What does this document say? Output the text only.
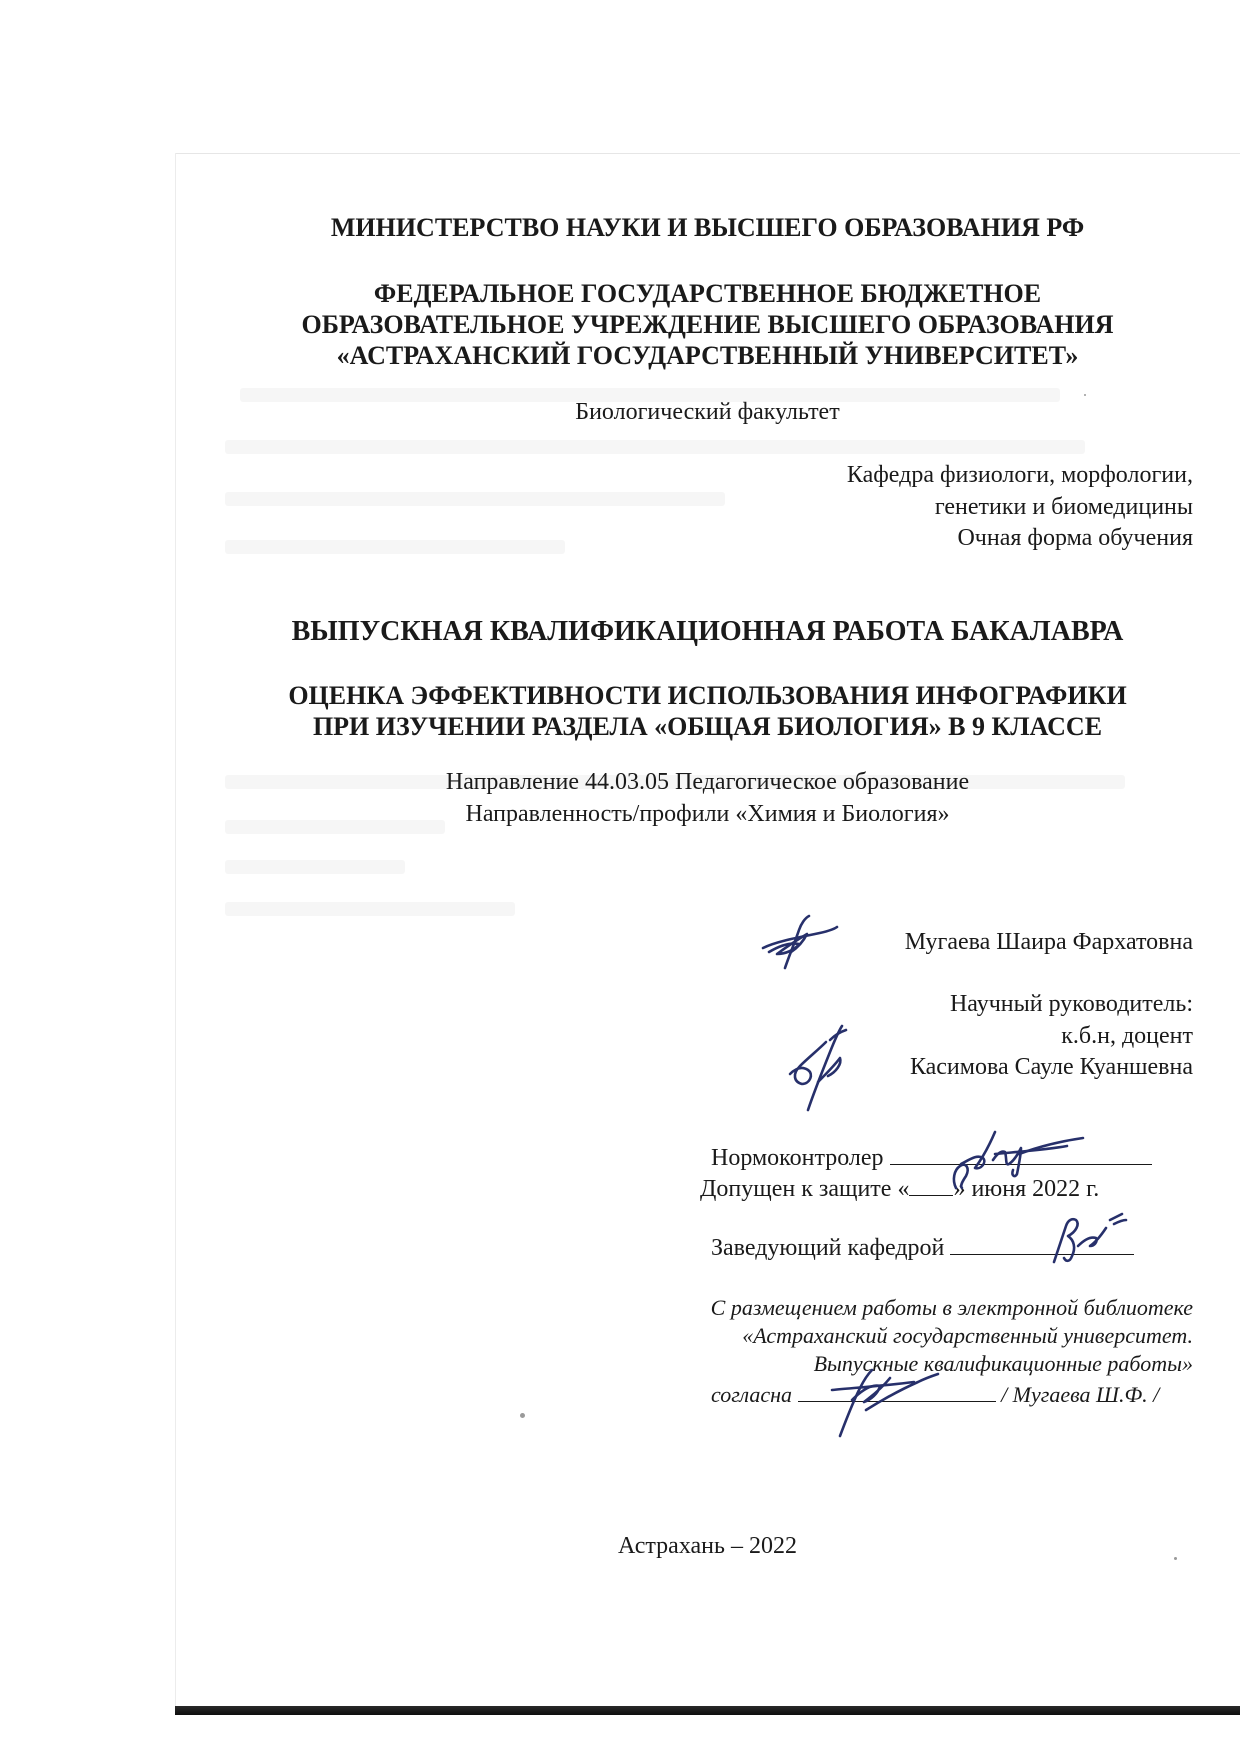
МИНИСТЕРСТВО НАУКИ И ВЫСШЕГО ОБРАЗОВАНИЯ РФ
ФЕДЕРАЛЬНОЕ ГОСУДАРСТВЕННОЕ БЮДЖЕТНОЕ
ОБРАЗОВАТЕЛЬНОЕ УЧРЕЖДЕНИЕ ВЫСШЕГО ОБРАЗОВАНИЯ
«АСТРАХАНСКИЙ ГОСУДАРСТВЕННЫЙ УНИВЕРСИТЕТ»
Биологический факультет
Кафедра физиологи, морфологии,
генетики и биомедицины
Очная форма обучения
ВЫПУСКНАЯ КВАЛИФИКАЦИОННАЯ РАБОТА БАКАЛАВРА
ОЦЕНКА ЭФФЕКТИВНОСТИ ИСПОЛЬЗОВАНИЯ ИНФОГРАФИКИ
ПРИ ИЗУЧЕНИИ РАЗДЕЛА «ОБЩАЯ БИОЛОГИЯ» В 9 КЛАССЕ
Направление 44.03.05 Педагогическое образование
Направленность/профили «Химия и Биология»
Мугаева Шаира Фархатовна
Научный руководитель:
к.б.н, доцент
Касимова Сауле Куаншевна
Нормоконтролер
Допущен к защите « » июня 2022 г.
Заведующий кафедрой
С размещением работы в электронной библиотеке
«Астраханский государственный университет.
Выпускные квалификационные работы»
согласна	/ Мугаева Ш.Ф. /
Астрахань – 2022
